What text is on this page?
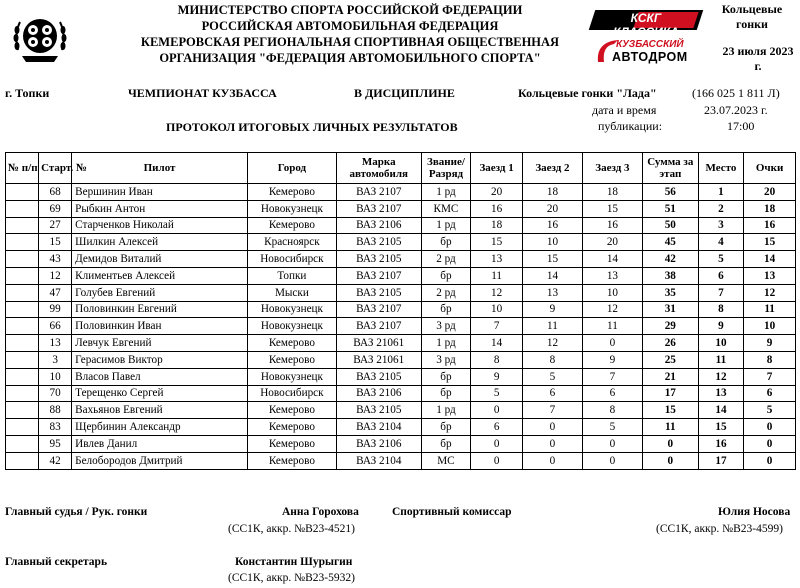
МИНИСТЕРСТВО СПОРТА РОССИЙСКОЙ ФЕДЕРАЦИИ
РОССИЙСКАЯ АВТОМОБИЛЬНАЯ ФЕДЕРАЦИЯ
КЕМЕРОВСКАЯ РЕГИОНАЛЬНАЯ СПОРТИВНАЯ ОБЩЕСТВЕННАЯ
ОРГАНИЗАЦИЯ "ФЕДЕРАЦИЯ АВТОМОБИЛЬНОГО СПОРТА"
КСКГ «КЛАССИКА»
КУЗБАССКИЙ
АВТОДРОМ
Кольцевые
гонки
23 июля 2023 г.
г. Топки	ЧЕМПИОНАТ КУЗБАССА	В ДИСЦИПЛИНЕ	Кольцевые гонки "Лада"	(166 025 1 811 Л)
дата и время	23.07.2023 г.
публикации:	17:00
ПРОТОКОЛ ИТОГОВЫХ ЛИЧНЫХ РЕЗУЛЬТАТОВ
№ п/п	Старт. №	Пилот	Город	Марка автомобиля	Звание/ Разряд	Заезд 1	Заезд 2	Заезд 3	Сумма за этап	Место	Очки
	68	Вершинин Иван	Кемерово	ВАЗ 2107	1 рд	20	18	18	56	1	20
	69	Рыбкин Антон	Новокузнецк	ВАЗ 2107	КМС	16	20	15	51	2	18
	27	Старченков Николай	Кемерово	ВАЗ 2106	1 рд	18	16	16	50	3	16
	15	Шилкин Алексей	Красноярск	ВАЗ 2105	бр	15	10	20	45	4	15
	43	Демидов Виталий	Новосибирск	ВАЗ 2105	2 рд	13	15	14	42	5	14
	12	Климентьев Алексей	Топки	ВАЗ 2107	бр	11	14	13	38	6	13
	47	Голубев Евгений	Мыски	ВАЗ 2105	2 рд	12	13	10	35	7	12
	99	Половинкин Евгений	Новокузнецк	ВАЗ 2107	бр	10	9	12	31	8	11
	66	Половинкин Иван	Новокузнецк	ВАЗ 2107	3 рд	7	11	11	29	9	10
	13	Левчук Евгений	Кемерово	ВАЗ 21061	1 рд	14	12	0	26	10	9
	3	Герасимов Виктор	Кемерово	ВАЗ 21061	3 рд	8	8	9	25	11	8
	10	Власов Павел	Новокузнецк	ВАЗ 2105	бр	9	5	7	21	12	7
	70	Терещенко Сергей	Новосибирск	ВАЗ 2106	бр	5	6	6	17	13	6
	88	Вахьянов Евгений	Кемерово	ВАЗ 2105	1 рд	0	7	8	15	14	5
	83	Щербинин Александр	Кемерово	ВАЗ 2104	бр	6	0	5	11	15	0
	95	Ивлев Данил	Кемерово	ВАЗ 2106	бр	0	0	0	0	16	0
	42	Белобородов Дмитрий	Кемерово	ВАЗ 2104	МС	0	0	0	0	17	0
Главный судья / Рук. гонки	Анна Горохова
(СС1К, аккр. №В23-4521)
Спортивный комиссар	Юлия Носова
(СС1К, аккр. №В23-4599)
Главный секретарь	Константин Шурыгин
(СС1К, аккр. №В23-5932)
